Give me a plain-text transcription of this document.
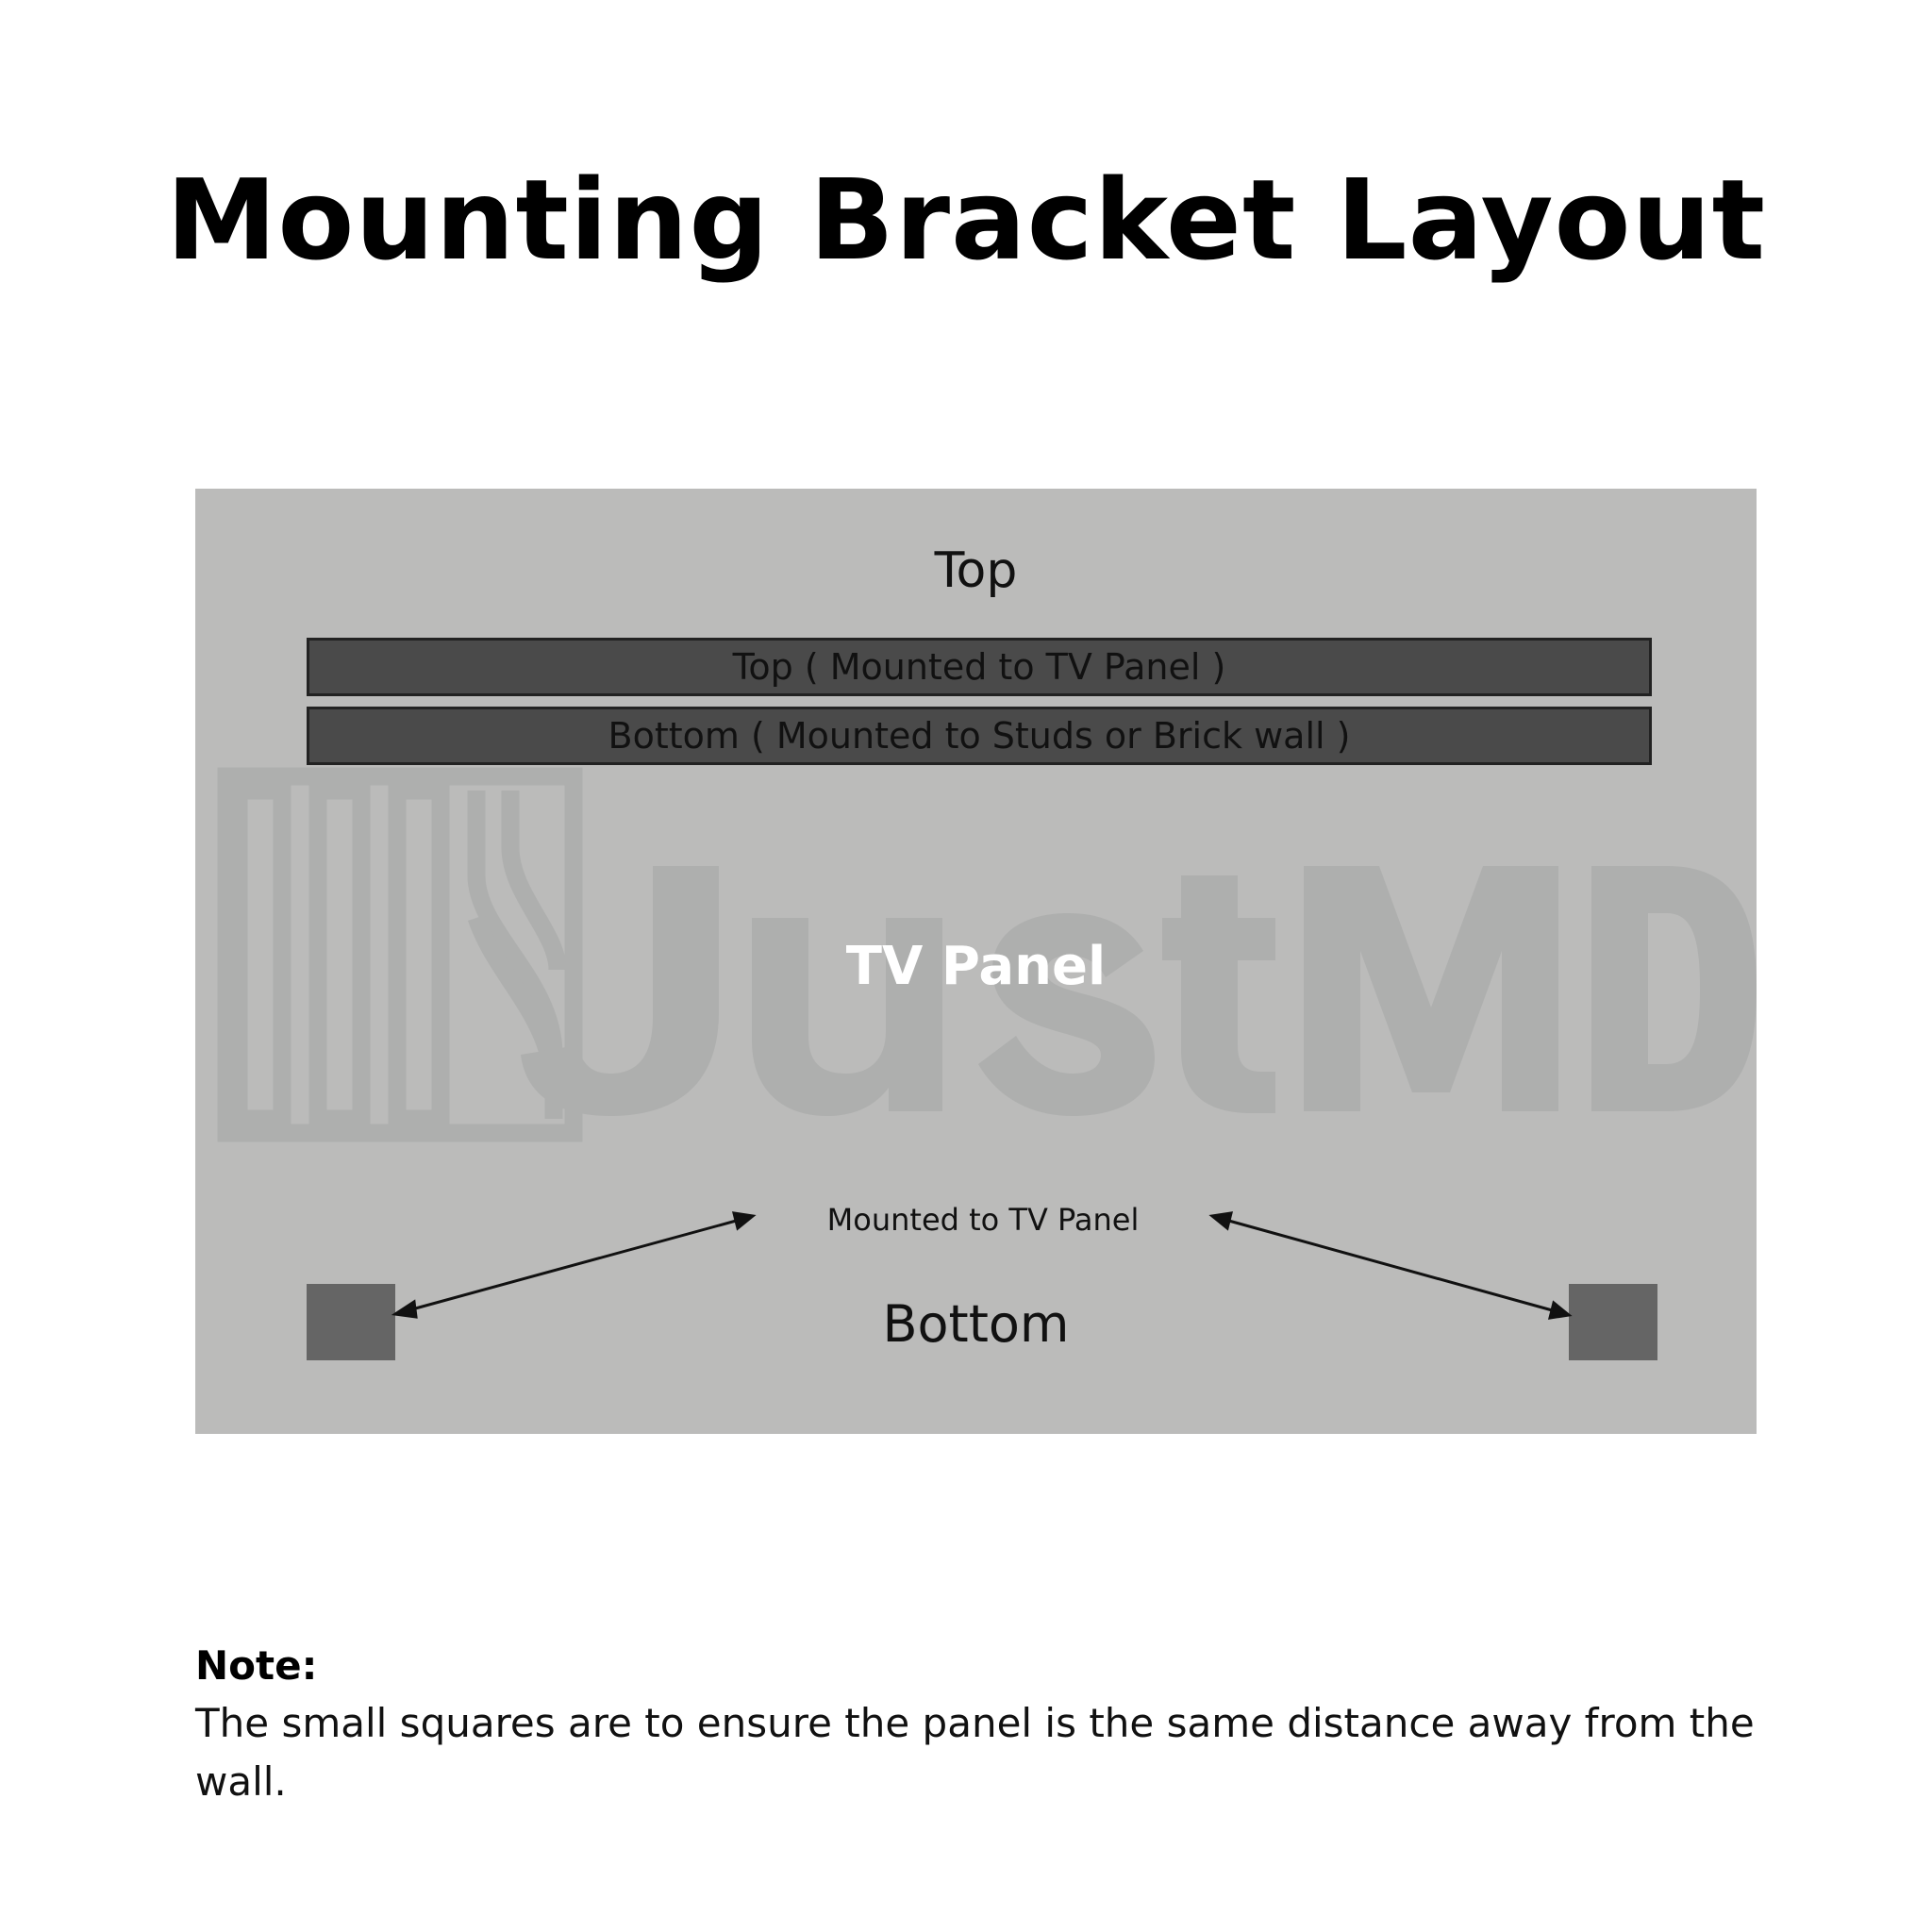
Mounting Bracket Layout
Top
Top ( Mounted to TV Panel )
Bottom ( Mounted to Studs or Brick wall )
TV Panel
Mounted to TV Panel
Bottom
Note:
The small squares are to ensure the panel is the same distance away from the wall.
